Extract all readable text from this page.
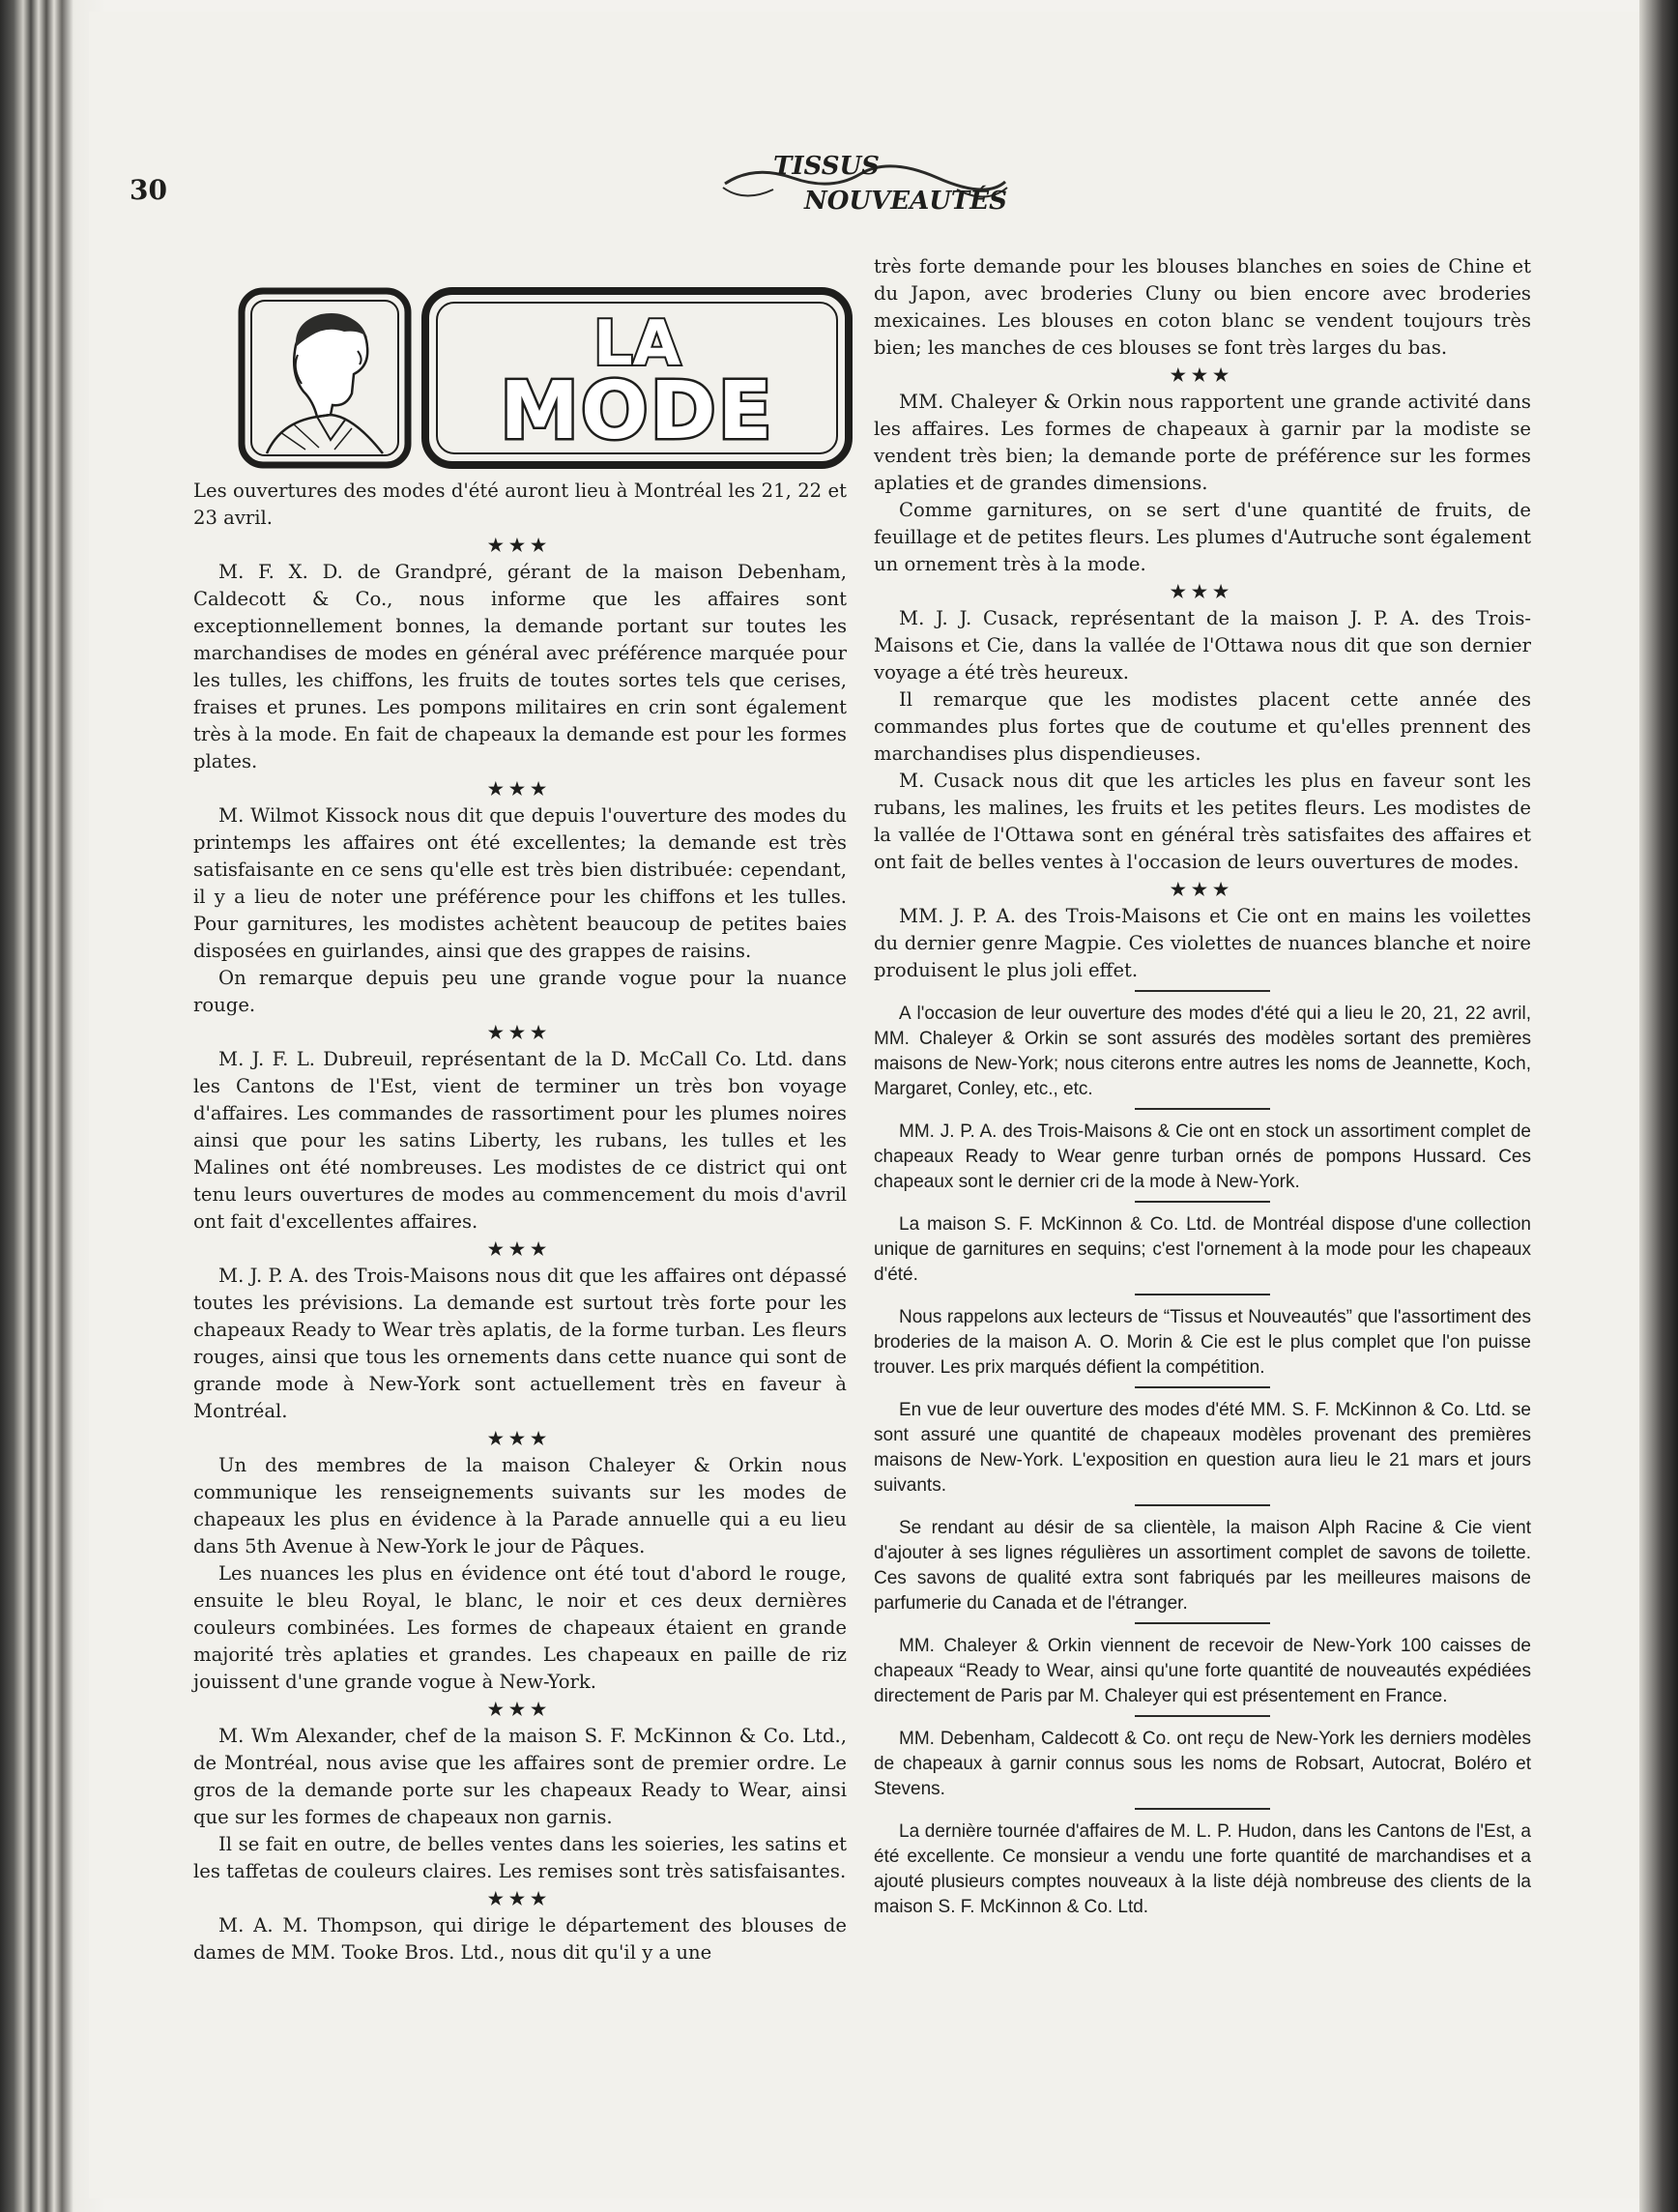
30
TISSUS
NOUVEAUTÉS
LA
MODE

Les ouvertures des modes d'été auront lieu à Montréal les 21, 22 et 23 avril.

★★★

M. F. X. D. de Grandpré, gérant de la maison Debenham, Caldecott & Co., nous informe que les affaires sont exceptionnellement bonnes, la demande portant sur toutes les marchandises de modes en général avec préférence marquée pour les tulles, les chiffons, les fruits de toutes sortes tels que cerises, fraises et prunes. Les pompons militaires en crin sont également très à la mode. En fait de chapeaux la demande est pour les formes plates.

★★★

M. Wilmot Kissock nous dit que depuis l'ouverture des modes du printemps les affaires ont été excellentes; la demande est très satisfaisante en ce sens qu'elle est très bien distribuée: cependant, il y a lieu de noter une préférence pour les chiffons et les tulles. Pour garnitures, les modistes achètent beaucoup de petites baies disposées en guirlandes, ainsi que des grappes de raisins.

On remarque depuis peu une grande vogue pour la nuance rouge.

★★★

M. J. F. L. Dubreuil, représentant de la D. McCall Co. Ltd. dans les Cantons de l'Est, vient de terminer un très bon voyage d'affaires. Les commandes de rassortiment pour les plumes noires ainsi que pour les satins Liberty, les rubans, les tulles et les Malines ont été nombreuses. Les modistes de ce district qui ont tenu leurs ouvertures de modes au commencement du mois d'avril ont fait d'excellentes affaires.

★★★

M. J. P. A. des Trois-Maisons nous dit que les affaires ont dépassé toutes les prévisions. La demande est surtout très forte pour les chapeaux Ready to Wear très aplatis, de la forme turban. Les fleurs rouges, ainsi que tous les ornements dans cette nuance qui sont de grande mode à New-York sont actuellement très en faveur à Montréal.

★★★

Un des membres de la maison Chaleyer & Orkin nous communique les renseignements suivants sur les modes de chapeaux les plus en évidence à la Parade annuelle qui a eu lieu dans 5th Avenue à New-York le jour de Pâques.

Les nuances les plus en évidence ont été tout d'abord le rouge, ensuite le bleu Royal, le blanc, le noir et ces deux dernières couleurs combinées. Les formes de chapeaux étaient en grande majorité très aplaties et grandes. Les chapeaux en paille de riz jouissent d'une grande vogue à New-York.

★★★

M. Wm Alexander, chef de la maison S. F. McKinnon & Co. Ltd., de Montréal, nous avise que les affaires sont de premier ordre. Le gros de la demande porte sur les chapeaux Ready to Wear, ainsi que sur les formes de chapeaux non garnis.

Il se fait en outre, de belles ventes dans les soieries, les satins et les taffetas de couleurs claires. Les remises sont très satisfaisantes.

★★★

M. A. M. Thompson, qui dirige le département des blouses de dames de MM. Tooke Bros. Ltd., nous dit qu'il y a une

très forte demande pour les blouses blanches en soies de Chine et du Japon, avec broderies Cluny ou bien encore avec broderies mexicaines. Les blouses en coton blanc se vendent toujours très bien; les manches de ces blouses se font très larges du bas.

★★★

MM. Chaleyer & Orkin nous rapportent une grande activité dans les affaires. Les formes de chapeaux à garnir par la modiste se vendent très bien; la demande porte de préférence sur les formes aplaties et de grandes dimensions.

Comme garnitures, on se sert d'une quantité de fruits, de feuillage et de petites fleurs. Les plumes d'Autruche sont également un ornement très à la mode.

★★★

M. J. J. Cusack, représentant de la maison J. P. A. des Trois-Maisons et Cie, dans la vallée de l'Ottawa nous dit que son dernier voyage a été très heureux.

Il remarque que les modistes placent cette année des commandes plus fortes que de coutume et qu'elles prennent des marchandises plus dispendieuses.

M. Cusack nous dit que les articles les plus en faveur sont les rubans, les malines, les fruits et les petites fleurs. Les modistes de la vallée de l'Ottawa sont en général très satisfaites des affaires et ont fait de belles ventes à l'occasion de leurs ouvertures de modes.

★★★

MM. J. P. A. des Trois-Maisons et Cie ont en mains les voilettes du dernier genre Magpie. Ces violettes de nuances blanche et noire produisent le plus joli effet.

A l'occasion de leur ouverture des modes d'été qui a lieu le 20, 21, 22 avril, MM. Chaleyer & Orkin se sont assurés des modèles sortant des premières maisons de New-York; nous citerons entre autres les noms de Jeannette, Koch, Margaret, Conley, etc., etc.

MM. J. P. A. des Trois-Maisons & Cie ont en stock un assortiment complet de chapeaux Ready to Wear genre turban ornés de pompons Hussard. Ces chapeaux sont le dernier cri de la mode à New-York.

La maison S. F. McKinnon & Co. Ltd. de Montréal dispose d'une collection unique de garnitures en sequins; c'est l'ornement à la mode pour les chapeaux d'été.

Nous rappelons aux lecteurs de “Tissus et Nouveautés” que l'assortiment des broderies de la maison A. O. Morin & Cie est le plus complet que l'on puisse trouver. Les prix marqués défient la compétition.

En vue de leur ouverture des modes d'été MM. S. F. McKinnon & Co. Ltd. se sont assuré une quantité de chapeaux modèles provenant des premières maisons de New-York. L'exposition en question aura lieu le 21 mars et jours suivants.

Se rendant au désir de sa clientèle, la maison Alph Racine & Cie vient d'ajouter à ses lignes régulières un assortiment complet de savons de toilette. Ces savons de qualité extra sont fabriqués par les meilleures maisons de parfumerie du Canada et de l'étranger.

MM. Chaleyer & Orkin viennent de recevoir de New-York 100 caisses de chapeaux “Ready to Wear, ainsi qu'une forte quantité de nouveautés expédiées directement de Paris par M. Chaleyer qui est présentement en France.

MM. Debenham, Caldecott & Co. ont reçu de New-York les derniers modèles de chapeaux à garnir connus sous les noms de Robsart, Autocrat, Boléro et Stevens.

La dernière tournée d'affaires de M. L. P. Hudon, dans les Cantons de l'Est, a été excellente. Ce monsieur a vendu une forte quantité de marchandises et a ajouté plusieurs comptes nouveaux à la liste déjà nombreuse des clients de la maison S. F. McKinnon & Co. Ltd.
